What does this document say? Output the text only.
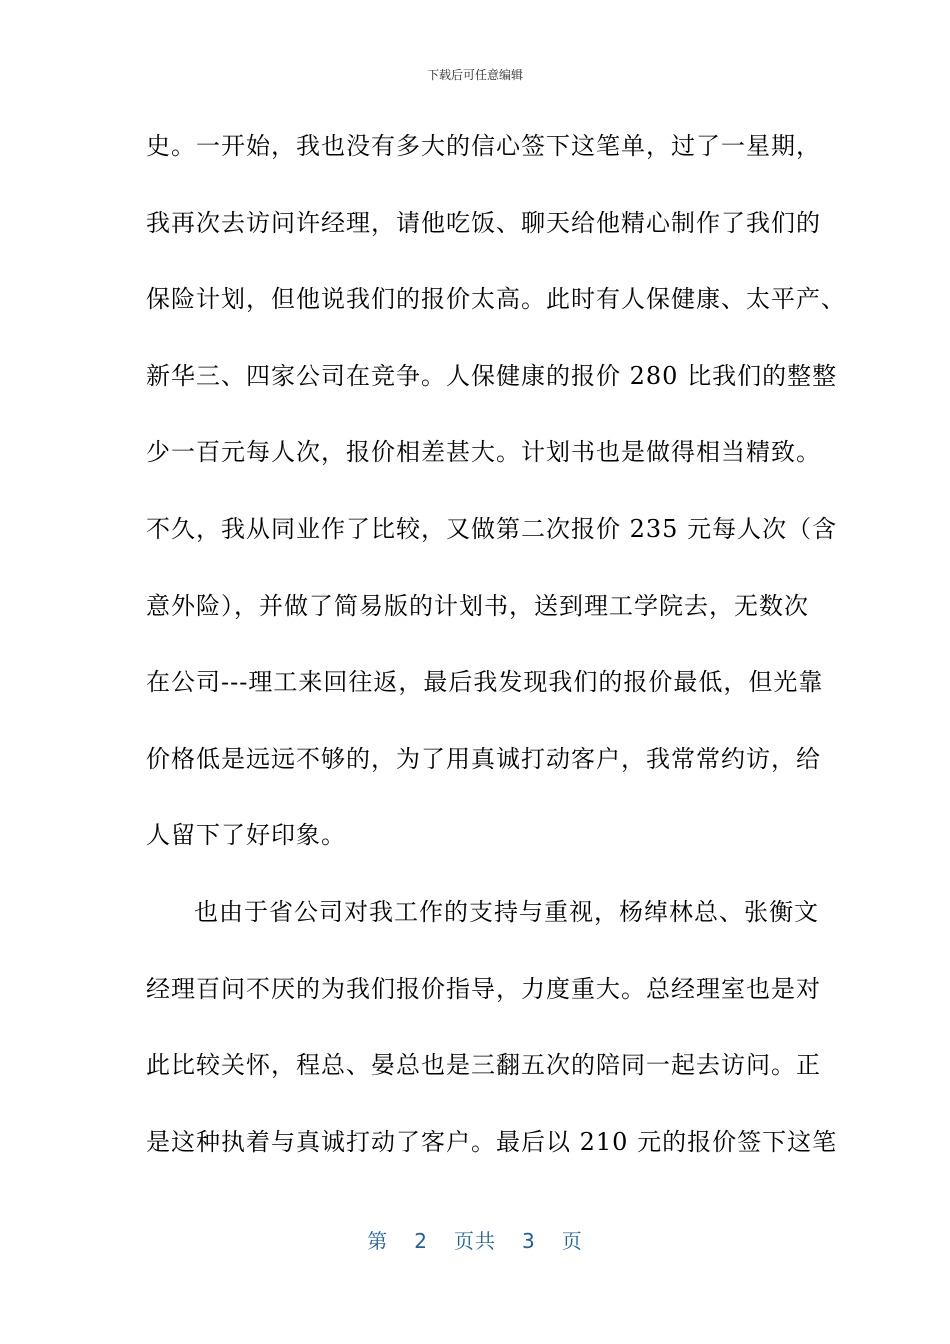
下载后可任意编辑
史。一开始，我也没有多大的信心签下这笔单，过了一星期，
我再次去访问许经理，请他吃饭、聊天给他精心制作了我们的
保险计划，但他说我们的报价太高。此时有人保健康、太平产、
新华三、四家公司在竞争。人保健康的报价 280 比我们的整整
少一百元每人次，报价相差甚大。计划书也是做得相当精致。
不久，我从同业作了比较，又做第二次报价 235 元每人次（含
意外险），并做了简易版的计划书，送到理工学院去，无数次
在公司---理工来回往返，最后我发现我们的报价最低，但光靠
价格低是远远不够的，为了用真诚打动客户，我常常约访，给
人留下了好印象。
也由于省公司对我工作的支持与重视，杨绰林总、张衡文
经理百问不厌的为我们报价指导，力度重大。总经理室也是对
此比较关怀，程总、晏总也是三翻五次的陪同一起去访问。正
是这种执着与真诚打动了客户。最后以 210 元的报价签下这笔
第 2 页共 3 页
